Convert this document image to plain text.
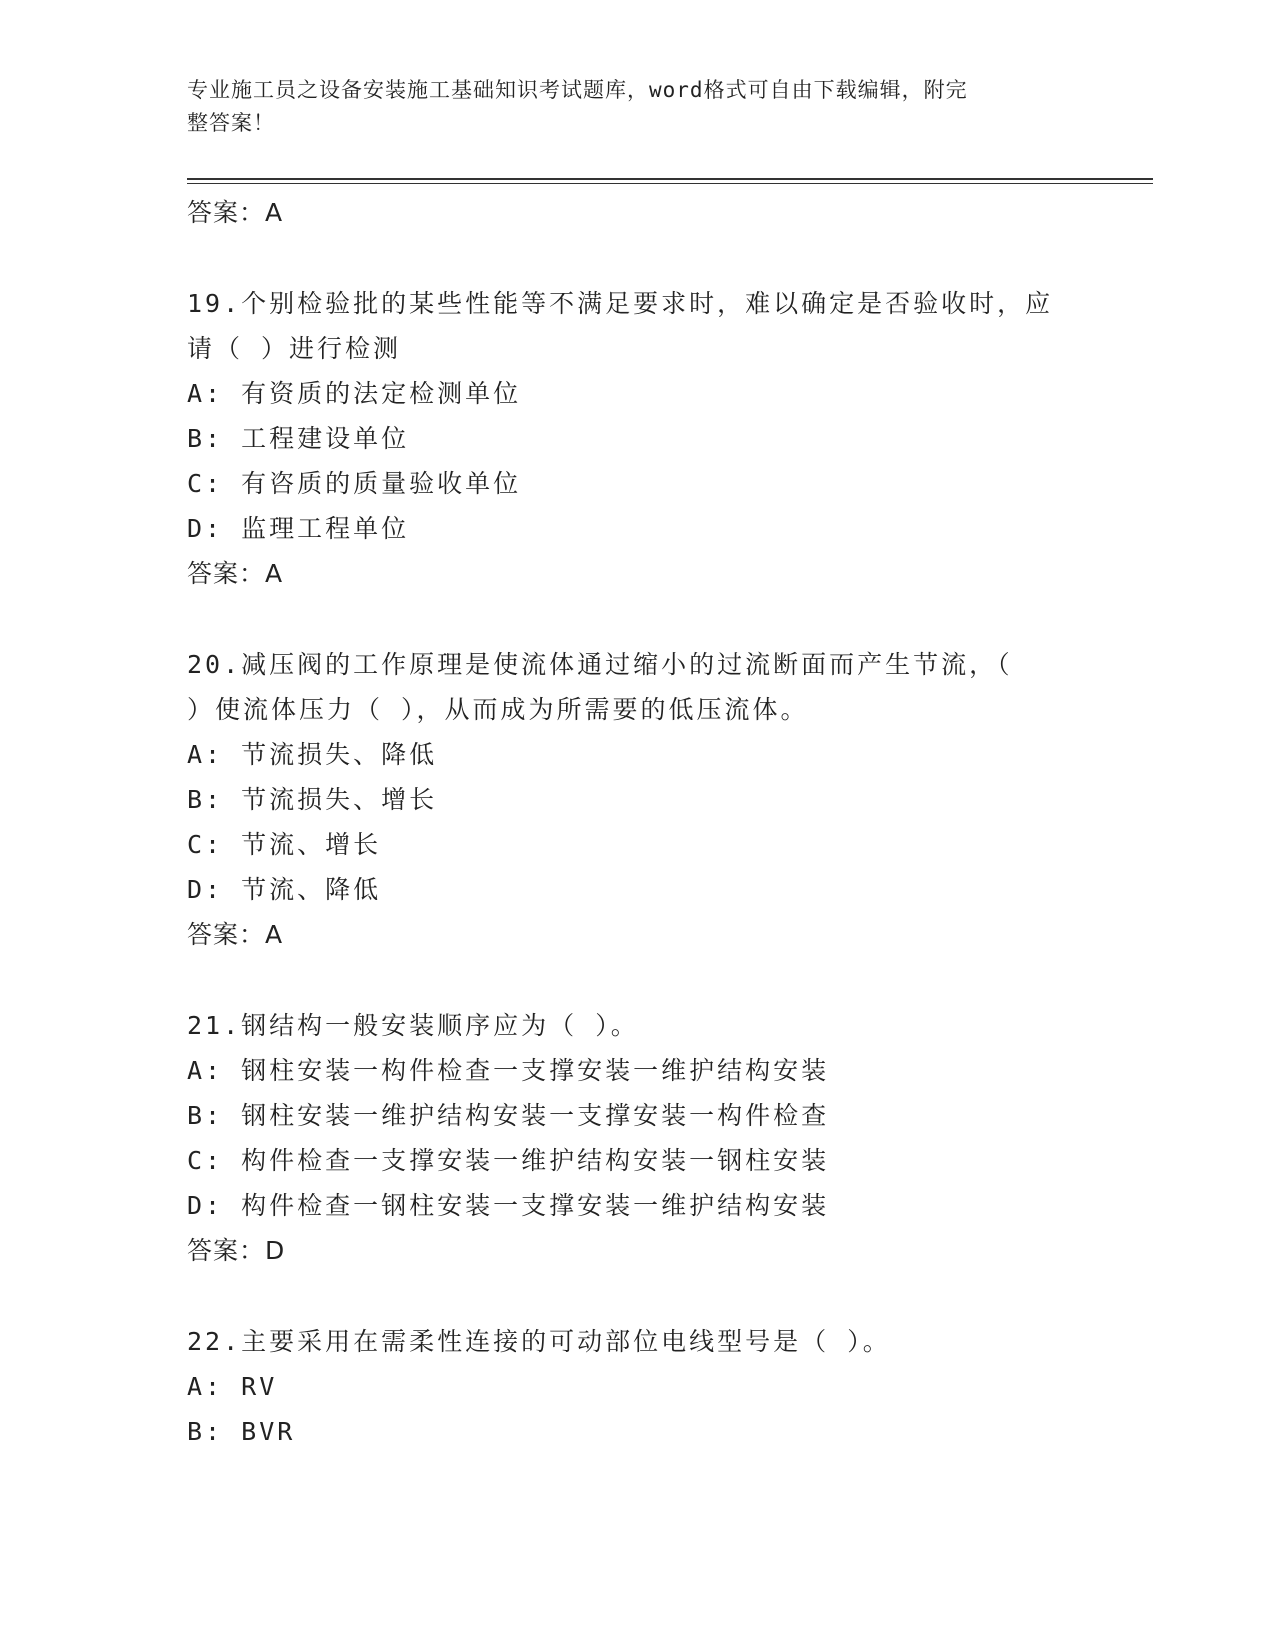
专业施工员之设备安装施工基础知识考试题库，word格式可自由下载编辑，附完
整答案！
答案：A
19.个别检验批的某些性能等不满足要求时，难以确定是否验收时，应
请（ ）进行检测
A: 有资质的法定检测单位
B: 工程建设单位
C: 有咨质的质量验收单位
D: 监理工程单位
答案：A
20.减压阀的工作原理是使流体通过缩小的过流断面而产生节流，（
）使流体压力（ ），从而成为所需要的低压流体。
A: 节流损失、降低
B: 节流损失、增长
C: 节流、增长
D: 节流、降低
答案：A
21.钢结构一般安装顺序应为（ ）。
A: 钢柱安装一构件检查一支撑安装一维护结构安装
B: 钢柱安装一维护结构安装一支撑安装一构件检查
C: 构件检查一支撑安装一维护结构安装一钢柱安装
D: 构件检查一钢柱安装一支撑安装一维护结构安装
答案：D
22.主要采用在需柔性连接的可动部位电线型号是（ ）。
A: RV
B: BVR
